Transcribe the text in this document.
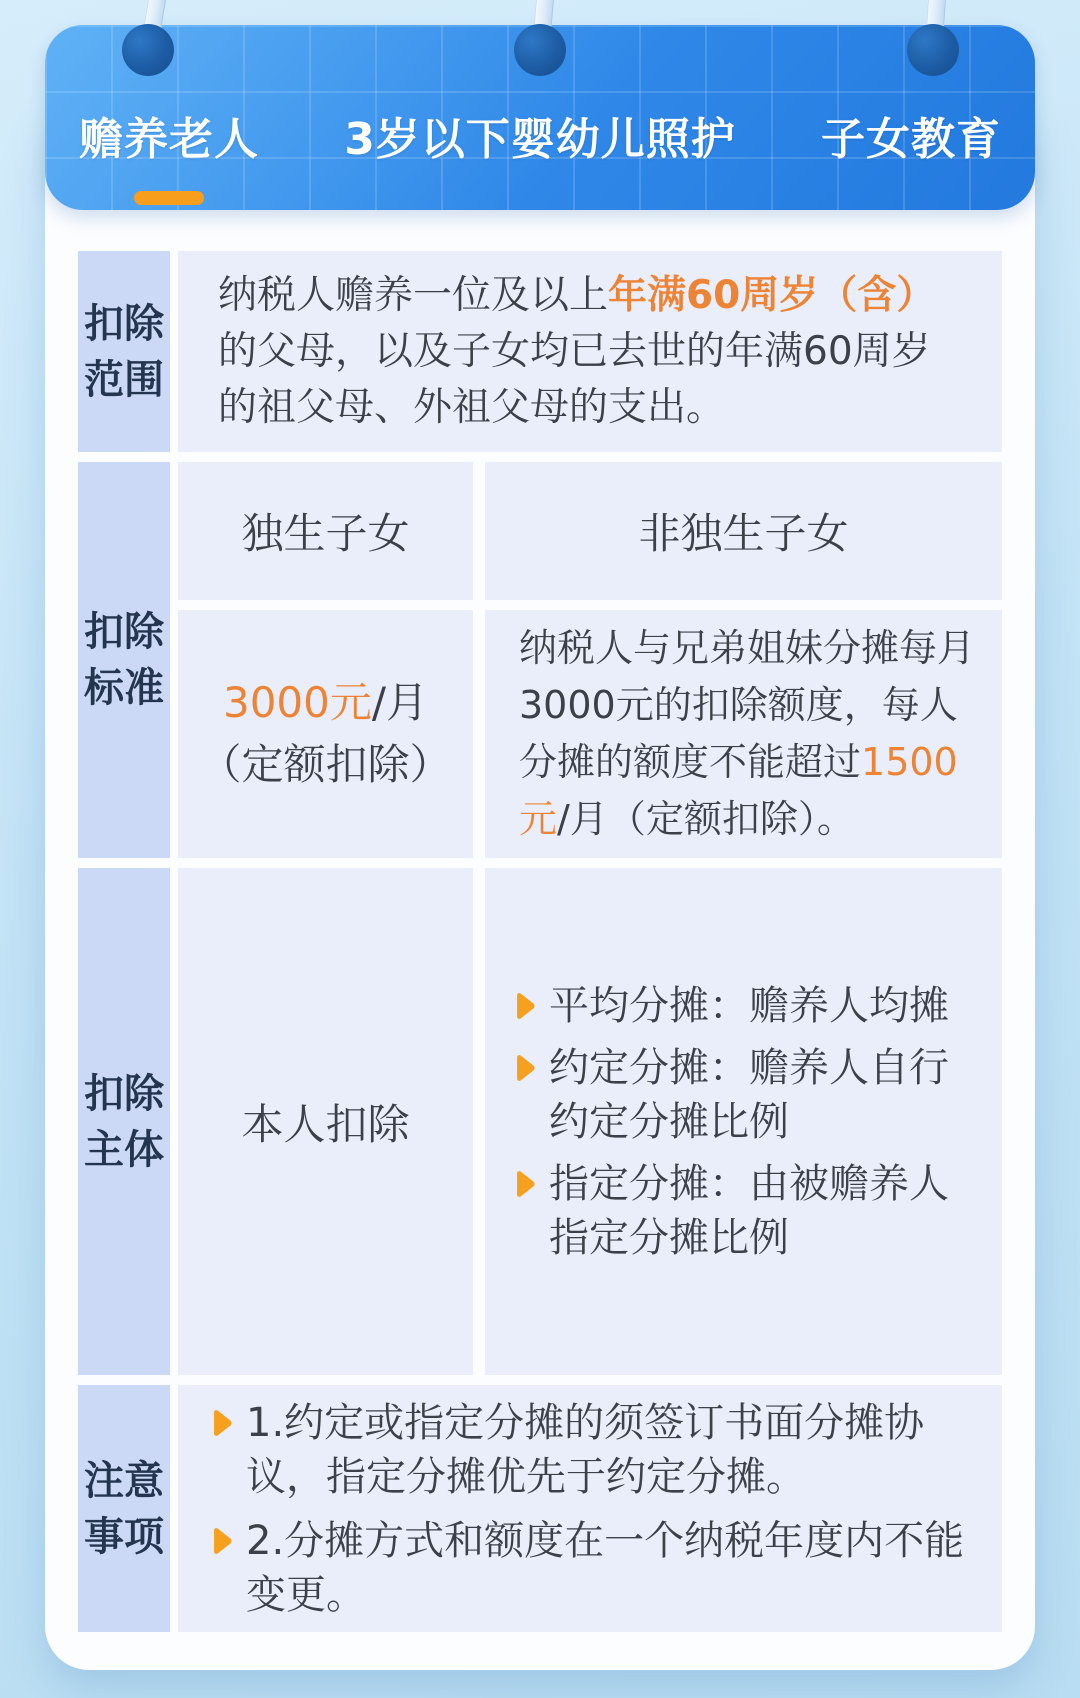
扣除范围
纳税人赡养一位及以上年满60周岁（含）的父母，以及子女均已去世的年满60周岁的祖父母、外祖父母的支出。
扣除标准
独生子女	非独生子女
3000元/月
（定额扣除）
纳税人与兄弟姐妹分摊每月3000元的扣除额度，每人分摊的额度不能超过1500元/月（定额扣除）。
扣除主体
本人扣除
平均分摊：赡养人均摊
约定分摊：赡养人自行约定分摊比例
指定分摊：由被赡养人指定分摊比例
注意事项
1.约定或指定分摊的须签订书面分摊协议，指定分摊优先于约定分摊。
2.分摊方式和额度在一个纳税年度内不能变更。
赡养老人 3岁以下婴幼儿照护 子女教育
